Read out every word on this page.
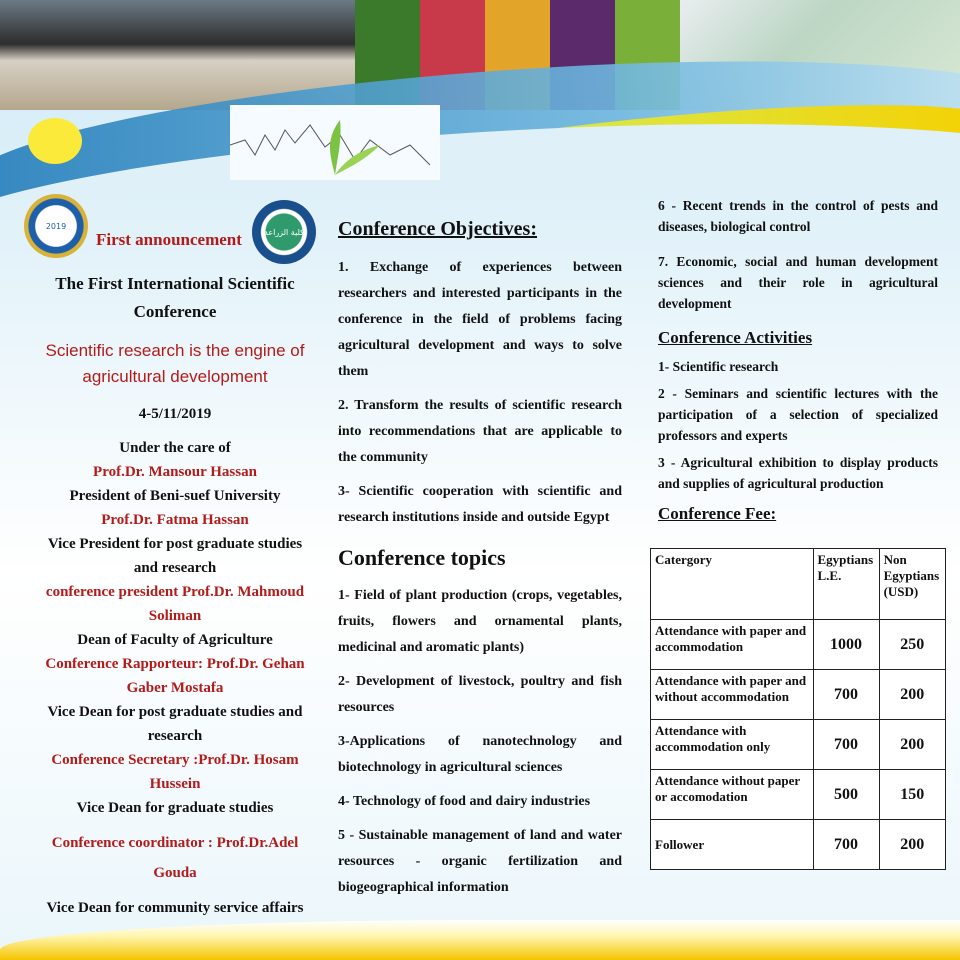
2019
First announcement	كلية الزراعة

The First International Scientific Conference

Scientific research is the engine of agricultural development

4-5/11/2019

Under the care of

Prof.Dr. Mansour Hassan

President of Beni-suef University

Prof.Dr. Fatma Hassan

Vice President for post graduate studies and research

conference president Prof.Dr. Mahmoud Soliman

Dean of Faculty of Agriculture

Conference Rapporteur: Prof.Dr. Gehan Gaber Mostafa

Vice Dean for post graduate studies and research

Conference Secretary :Prof.Dr. Hosam Hussein

Vice Dean for graduate studies

Conference coordinator : Prof.Dr.Adel Gouda

Vice Dean for community service affairs

Conference Objectives:

1. Exchange of experiences between researchers and interested participants in the conference in the field of problems facing agricultural development and ways to solve them

2. Transform the results of scientific research into recommendations that are applicable to the community

3- Scientific cooperation with scientific and research institutions inside and outside Egypt

Conference topics

1- Field of plant production (crops, vegetables, fruits, flowers and ornamental plants, medicinal and aromatic plants)

2- Development of livestock, poultry and fish resources

3-Applications of nanotechnology and biotechnology in agricultural sciences

4- Technology of food and dairy industries

5 - Sustainable management of land and water resources - organic fertilization and biogeographical information

6 - Recent trends in the control of pests and diseases, biological control

7. Economic, social and human development sciences and their role in agricultural development

Conference Activities

1- Scientific research

2 - Seminars and scientific lectures with the participation of a selection of specialized professors and experts

3 - Agricultural exhibition to display products and supplies of agricultural production

Conference Fee:
Catergory	Egyptians L.E.	Non Egyptians (USD)
Attendance with paper and accommodation	1000	250
Attendance with paper and without accommodation	700	200
Attendance with accommodation only	700	200
Attendance without paper or accomodation	500	150
Follower	700	200
